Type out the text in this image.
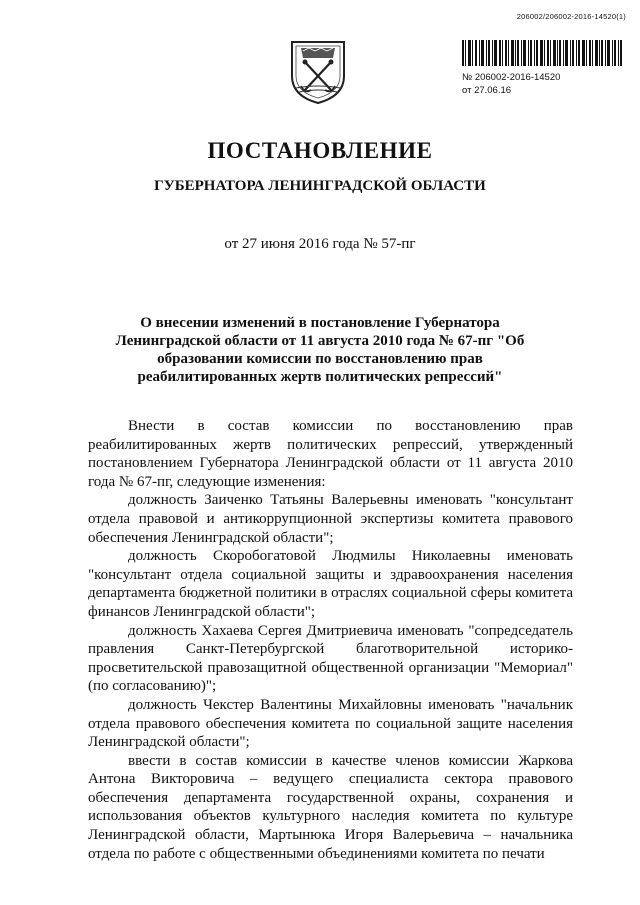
206002/206002-2016-14520(1)
№ 206002-2016-14520
от 27.06.16
ПОСТАНОВЛЕНИЕ
ГУБЕРНАТОРА ЛЕНИНГРАДСКОЙ ОБЛАСТИ
от 27 июня 2016 года № 57-пг
О внесении изменений в постановление Губернатора Ленинградской области от 11 августа 2010 года № 67-пг "Об образовании комиссии по восстановлению прав реабилитированных жертв политических репрессий"

Внести в состав комиссии по восстановлению прав реабилитированных жертв политических репрессий, утвержденный постановлением Губернатора Ленинградской области от 11 августа 2010 года № 67-пг, следующие изменения:

должность Заиченко Татьяны Валерьевны именовать "консультант отдела правовой и антикоррупционной экспертизы комитета правового обеспечения Ленинградской области";

должность Скоробогатовой Людмилы Николаевны именовать "консультант отдела социальной защиты и здравоохранения населения департамента бюджетной политики в отраслях социальной сферы комитета финансов Ленинградской области";

должность Хахаева Сергея Дмитриевича именовать "сопредседатель правления Санкт-Петербургской благотворительной историко-просветительской правозащитной общественной организации "Мемориал" (по согласованию)";

должность Чекстер Валентины Михайловны именовать "начальник отдела правового обеспечения комитета по социальной защите населения Ленинградской области";

ввести в состав комиссии в качестве членов комиссии Жаркова Антона Викторовича – ведущего специалиста сектора правового обеспечения департамента государственной охраны, сохранения и использования объектов культурного наследия комитета по культуре Ленинградской области, Мартынюка Игоря Валерьевича – начальника отдела по работе с общественными объединениями комитета по печати
